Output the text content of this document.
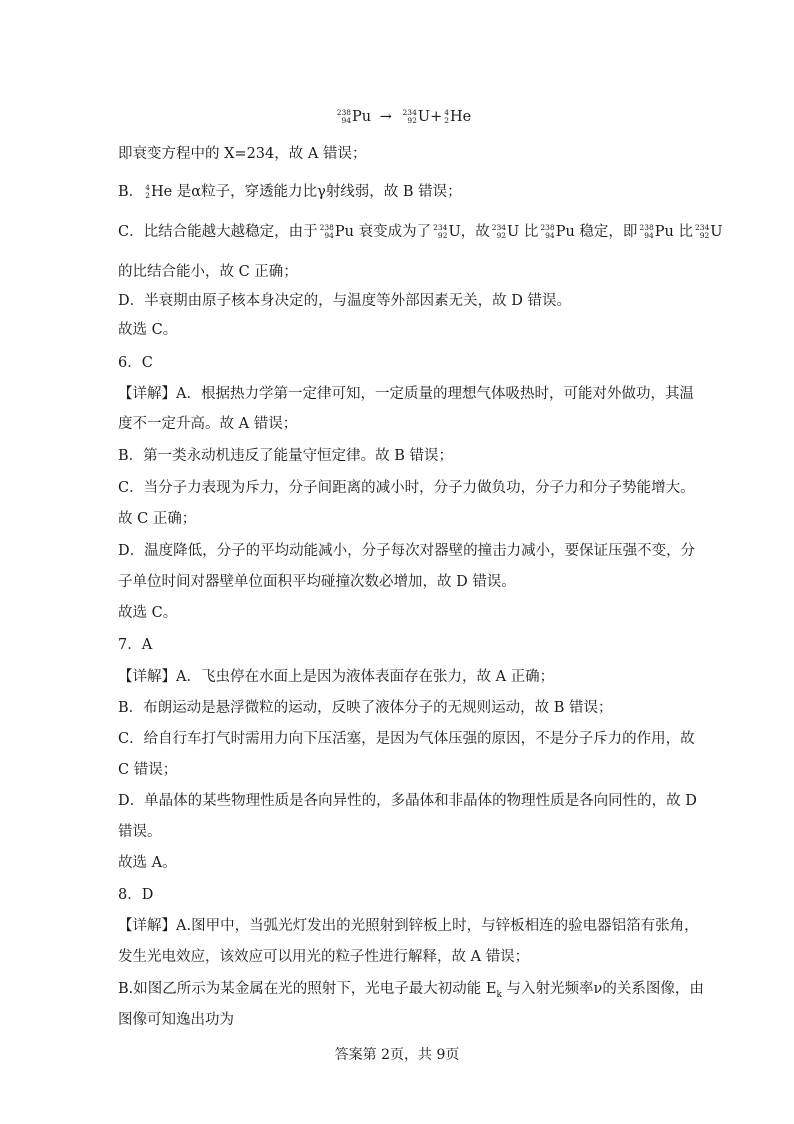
238
94 Pu → 234
92 U+ 4
2 He
即衰变方程中的 X=234，故 A 错误；
B． 4
2 He 是α粒子，穿透能力比γ射线弱，故 B 错误；
C．比结合能越大越稳定，由于 238
94 Pu 衰变成为了 234
92 U，故 234
92 U 比 238
94 Pu 稳定，即 238
94 Pu 比 234
92 U
的比结合能小，故 C 正确；
D．半衰期由原子核本身决定的，与温度等外部因素无关，故 D 错误。
故选 C。
6．C
【详解】A．根据热力学第一定律可知，一定质量的理想气体吸热时，可能对外做功，其温
度不一定升高。故 A 错误；
B．第一类永动机违反了能量守恒定律。故 B 错误；
C．当分子力表现为斥力，分子间距离的减小时，分子力做负功，分子力和分子势能增大。
故 C 正确；
D．温度降低，分子的平均动能减小，分子每次对器壁的撞击力减小，要保证压强不变，分
子单位时间对器壁单位面积平均碰撞次数必增加，故 D 错误。
故选 C。
7．A
【详解】A．飞虫停在水面上是因为液体表面存在张力，故 A 正确；
B．布朗运动是悬浮微粒的运动，反映了液体分子的无规则运动，故 B 错误；
C．给自行车打气时需用力向下压活塞，是因为气体压强的原因，不是分子斥力的作用，故
C 错误；
D．单晶体的某些物理性质是各向异性的，多晶体和非晶体的物理性质是各向同性的，故 D
错误。
故选 A。
8．D
【详解】A.图甲中，当弧光灯发出的光照射到锌板上时，与锌板相连的验电器铝箔有张角，
发生光电效应，该效应可以用光的粒子性进行解释，故 A 错误；
B.如图乙所示为某金属在光的照射下，光电子最大初动能 $E_k$ 与入射光频率ν的关系图像，由
图像可知逸出功为
答案第 2页，共 9页
